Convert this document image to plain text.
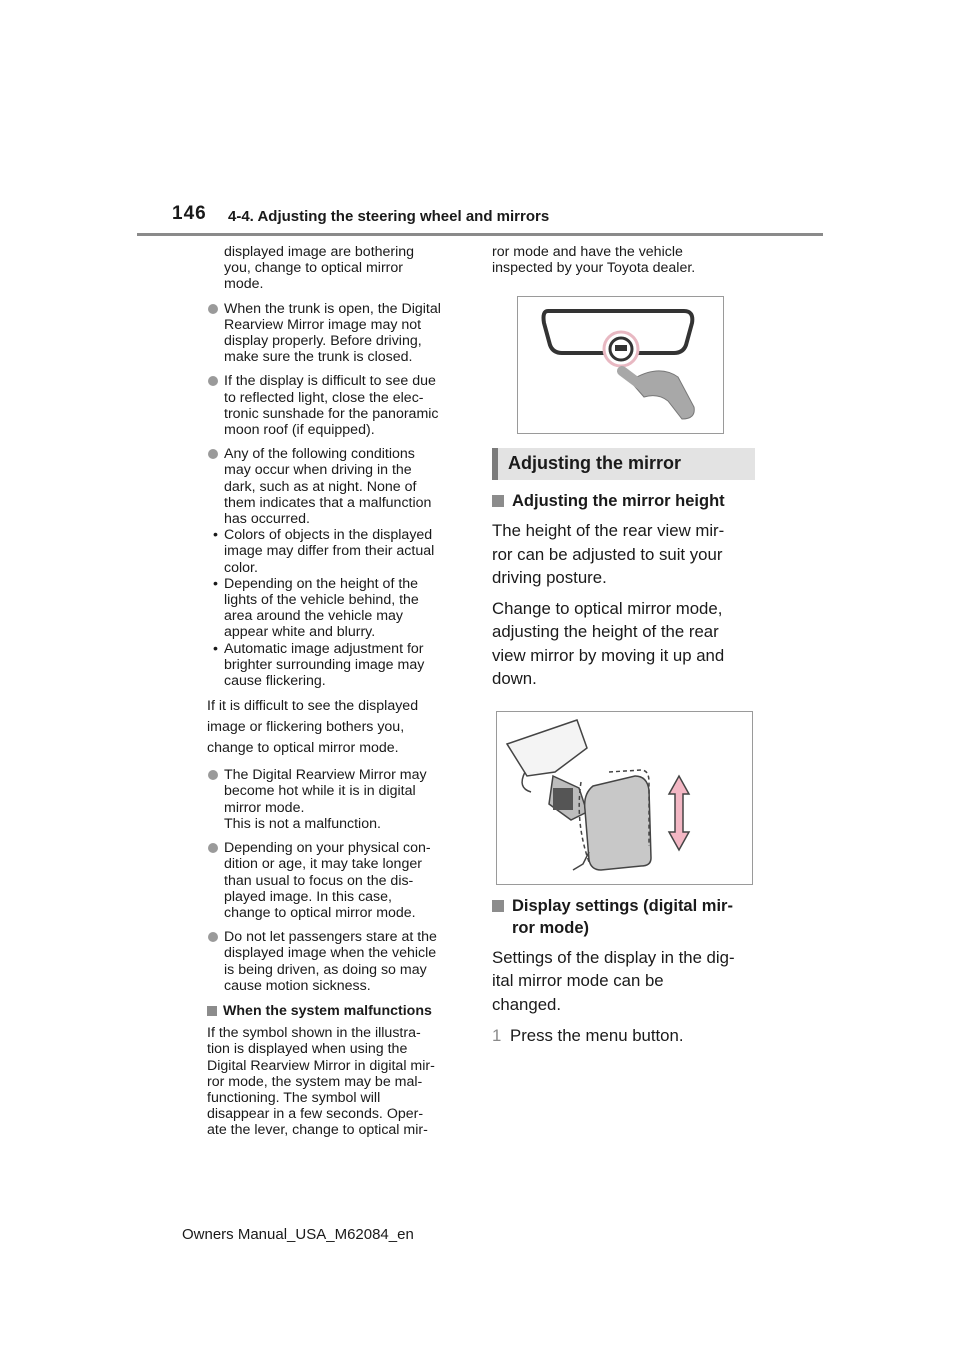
146 4-4. Adjusting the steering wheel and mirrors
displayed image are bothering
you, change to optical mirror
mode.
When the trunk is open, the Digital
Rearview Mirror image may not
display properly. Before driving,
make sure the trunk is closed.
If the display is difficult to see due
to reflected light, close the elec-
tronic sunshade for the panoramic
moon roof (if equipped).
Any of the following conditions
may occur when driving in the
dark, such as at night. None of
them indicates that a malfunction
has occurred.
• Colors of objects in the displayed
image may differ from their actual
color.
• Depending on the height of the
lights of the vehicle behind, the
area around the vehicle may
appear white and blurry.
• Automatic image adjustment for
brighter surrounding image may
cause flickering.
If it is difficult to see the displayed
image or flickering bothers you,
change to optical mirror mode.
The Digital Rearview Mirror may
become hot while it is in digital
mirror mode.
This is not a malfunction.
Depending on your physical con-
dition or age, it may take longer
than usual to focus on the dis-
played image. In this case,
change to optical mirror mode.
Do not let passengers stare at the
displayed image when the vehicle
is being driven, as doing so may
cause motion sickness.
When the system malfunctions
If the symbol shown in the illustra-
tion is displayed when using the
Digital Rearview Mirror in digital mir-
ror mode, the system may be mal-
functioning. The symbol will
disappear in a few seconds. Oper-
ate the lever, change to optical mir-
ror mode and have the vehicle
inspected by your Toyota dealer.
Adjusting the mirror
Adjusting the mirror height
The height of the rear view mir-
ror can be adjusted to suit your
driving posture.
Change to optical mirror mode,
adjusting the height of the rear
view mirror by moving it up and
down.
Display settings (digital mir-
ror mode)
Settings of the display in the dig-
ital mirror mode can be
changed.
1 Press the menu button.
Owners Manual_USA_M62084_en
